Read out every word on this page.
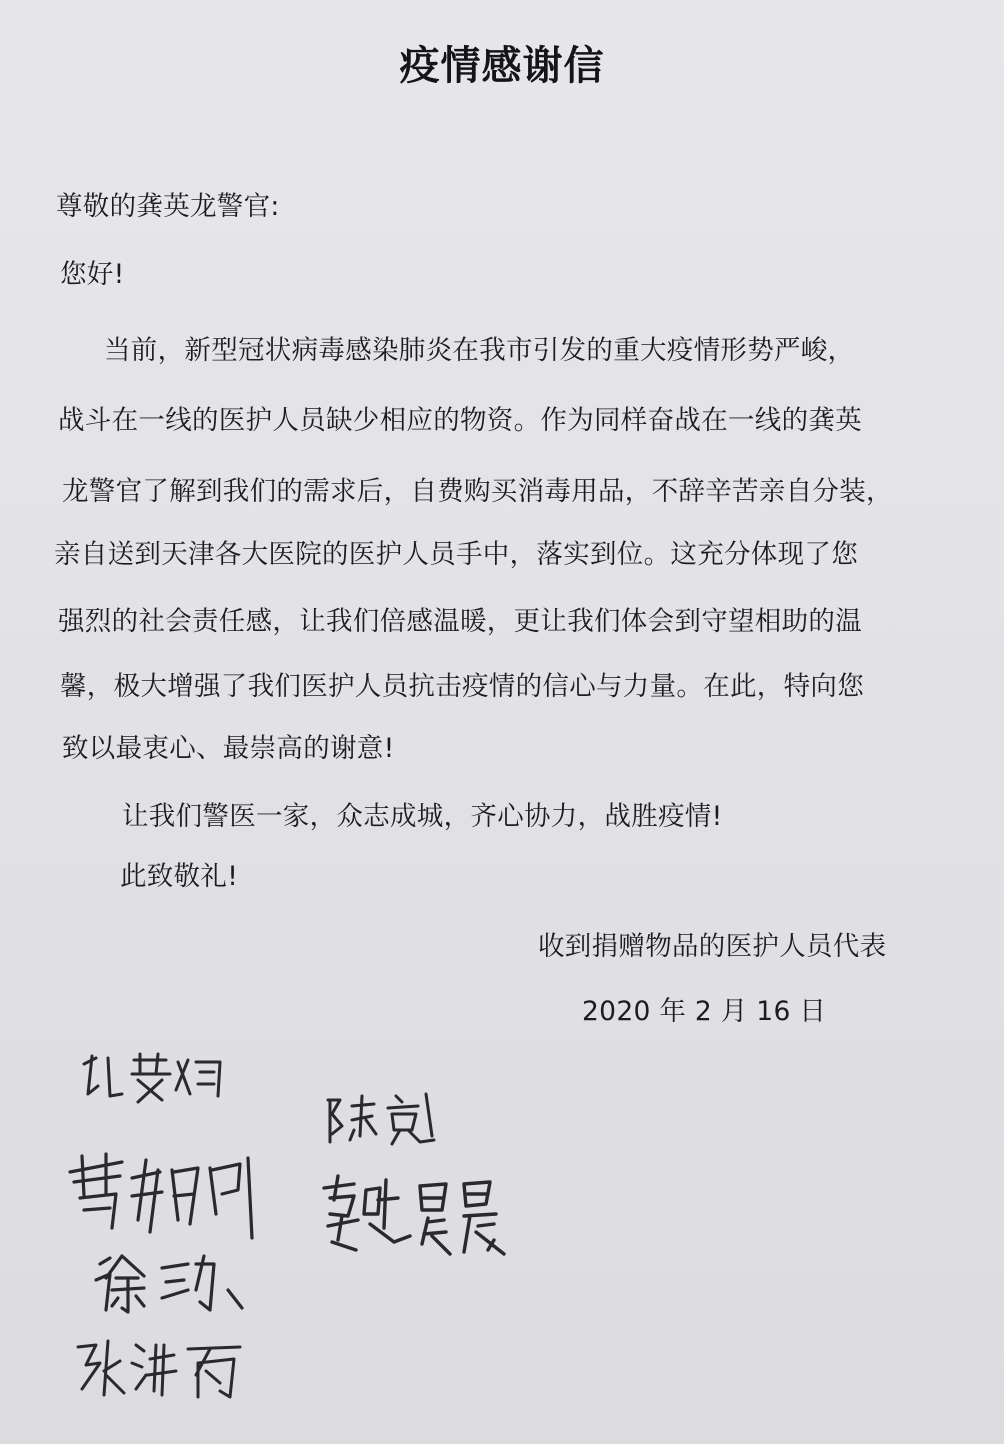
疫情感谢信
尊敬的龚英龙警官:
您好!
当前，新型冠状病毒感染肺炎在我市引发的重大疫情形势严峻，
战斗在一线的医护人员缺少相应的物资。作为同样奋战在一线的龚英
龙警官了解到我们的需求后，自费购买消毒用品，不辞辛苦亲自分装，
亲自送到天津各大医院的医护人员手中，落实到位。这充分体现了您
强烈的社会责任感，让我们倍感温暖，更让我们体会到守望相助的温
馨，极大增强了我们医护人员抗击疫情的信心与力量。在此，特向您
致以最衷心、最崇高的谢意!
让我们警医一家，众志成城，齐心协力，战胜疫情!
此致敬礼!
收到捐赠物品的医护人员代表
2020 年 2 月 16 日
